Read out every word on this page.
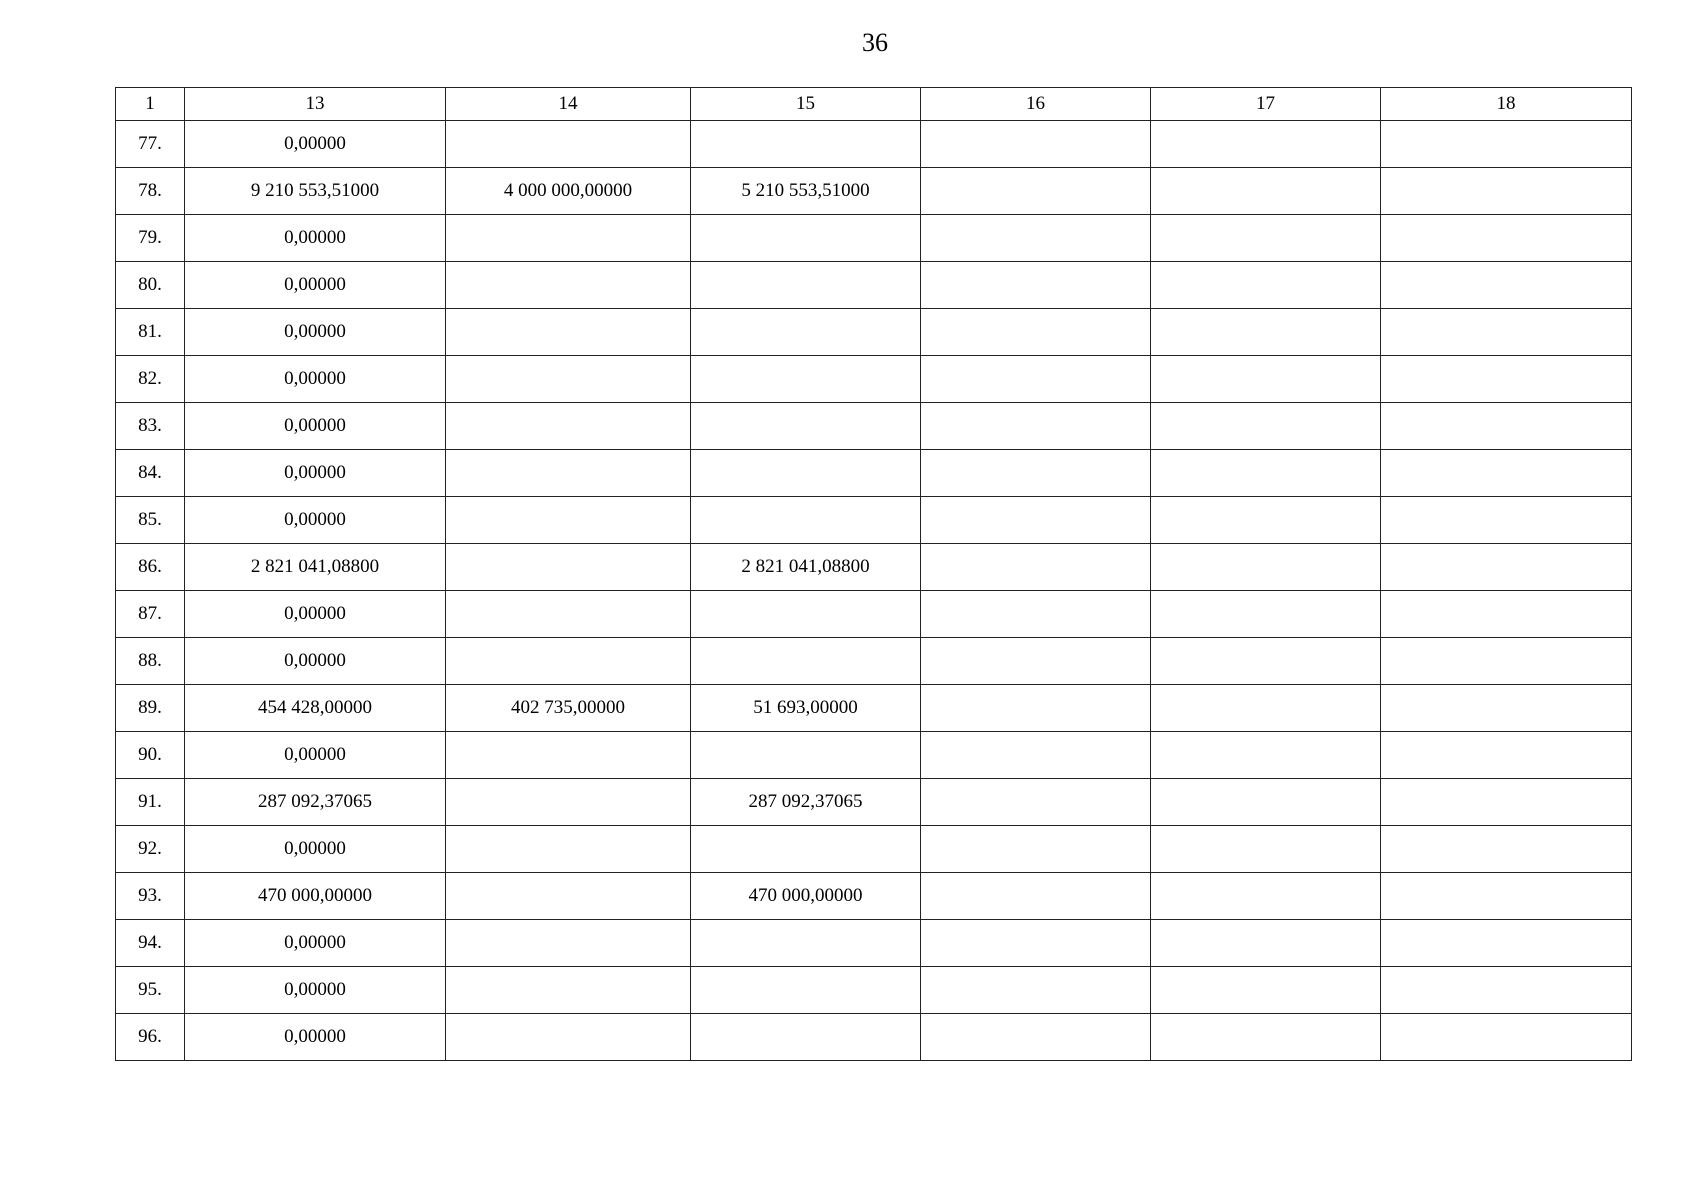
36
1	13	14	15	16	17	18
77.	0,00000					
78.	9 210 553,51000	4 000 000,00000	5 210 553,51000			
79.	0,00000					
80.	0,00000					
81.	0,00000					
82.	0,00000					
83.	0,00000					
84.	0,00000					
85.	0,00000					
86.	2 821 041,08800		2 821 041,08800			
87.	0,00000					
88.	0,00000					
89.	454 428,00000	402 735,00000	51 693,00000			
90.	0,00000					
91.	287 092,37065		287 092,37065			
92.	0,00000					
93.	470 000,00000		470 000,00000			
94.	0,00000					
95.	0,00000					
96.	0,00000					
